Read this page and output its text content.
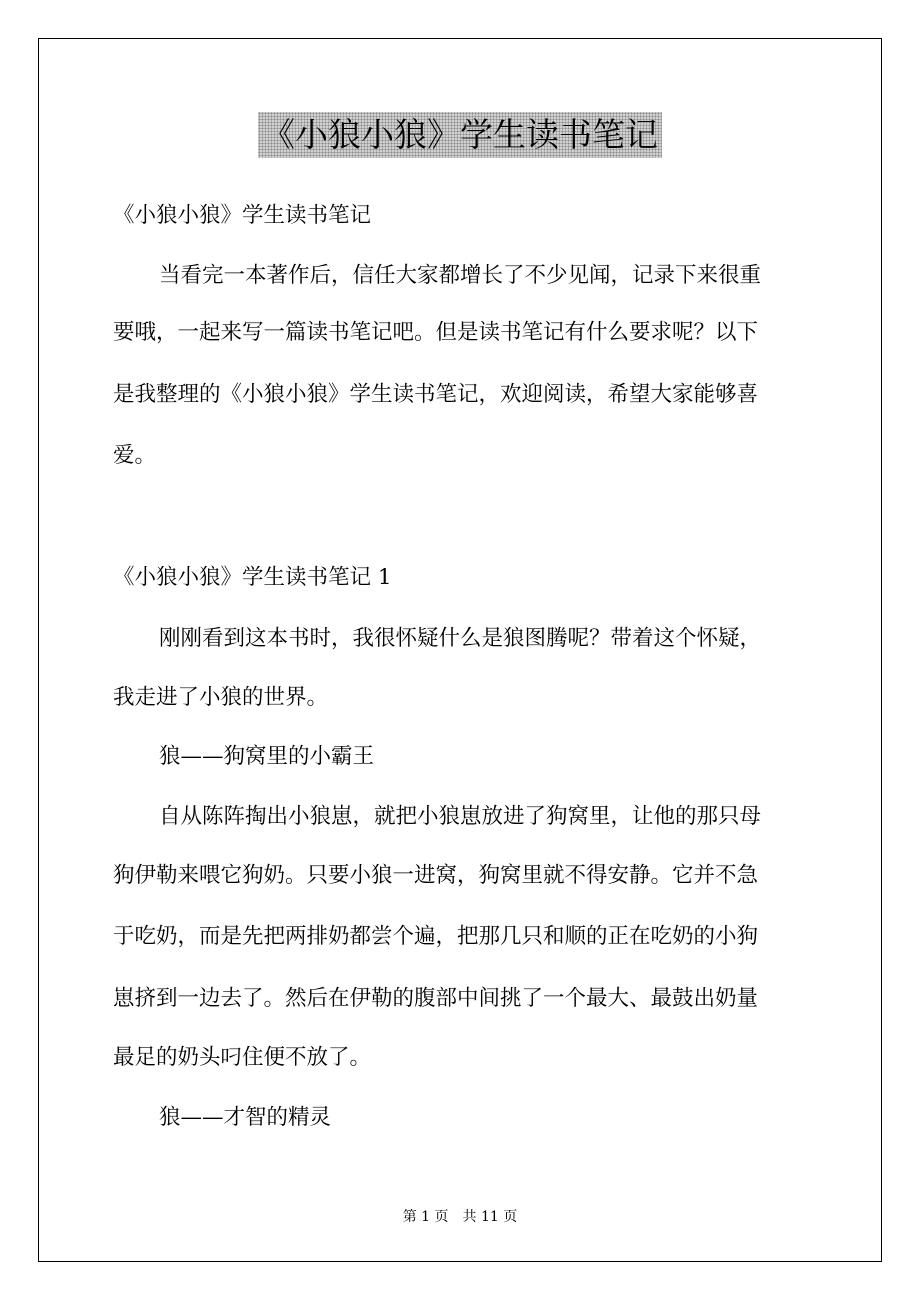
《小狼小狼》学生读书笔记
《小狼小狼》学生读书笔记
当看完一本著作后，信任大家都增长了不少见闻，记录下来很重
要哦，一起来写一篇读书笔记吧。但是读书笔记有什么要求呢？以下
是我整理的《小狼小狼》学生读书笔记，欢迎阅读，希望大家能够喜
爱。
《小狼小狼》学生读书笔记 1
刚刚看到这本书时，我很怀疑什么是狼图腾呢？带着这个怀疑，
我走进了小狼的世界。
狼——狗窝里的小霸王
自从陈阵掏出小狼崽，就把小狼崽放进了狗窝里，让他的那只母
狗伊勒来喂它狗奶。只要小狼一进窝，狗窝里就不得安静。它并不急
于吃奶，而是先把两排奶都尝个遍，把那几只和顺的正在吃奶的小狗
崽挤到一边去了。然后在伊勒的腹部中间挑了一个最大、最鼓出奶量
最足的奶头叼住便不放了。
狼——才智的精灵
第 1 页　共 11 页
